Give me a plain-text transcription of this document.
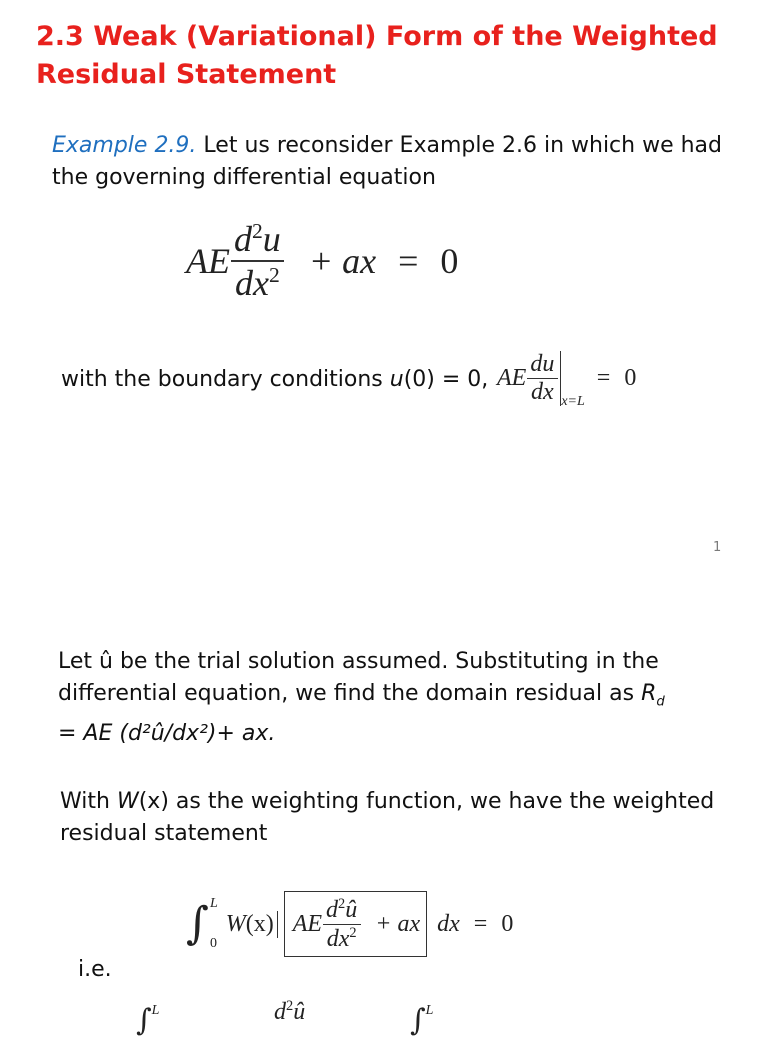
2.3 Weak (Variational) Form of the Weighted Residual Statement
Example 2.9. Let us reconsider Example 2.6 in which we had the governing differential equation
AE $\frac{d^2u}{dx^2}$ + ax = 0
with the boundary conditions u(0) = 0, AE $\frac{du}{dx} x=L$
= 0
1
Let û be the trial solution assumed. Substituting in the
differential equation, we find the domain residual as $R_d$
= AE (d²û/dx²)+ ax.
With W(x) as the weighting function, we have the weighted residual statement
∫ L
0
W (x) AE $\frac{d^2û}{dx^2}$ + ax dx = 0
i.e.
∫$^L$	$d^2û$	∫$^L$
